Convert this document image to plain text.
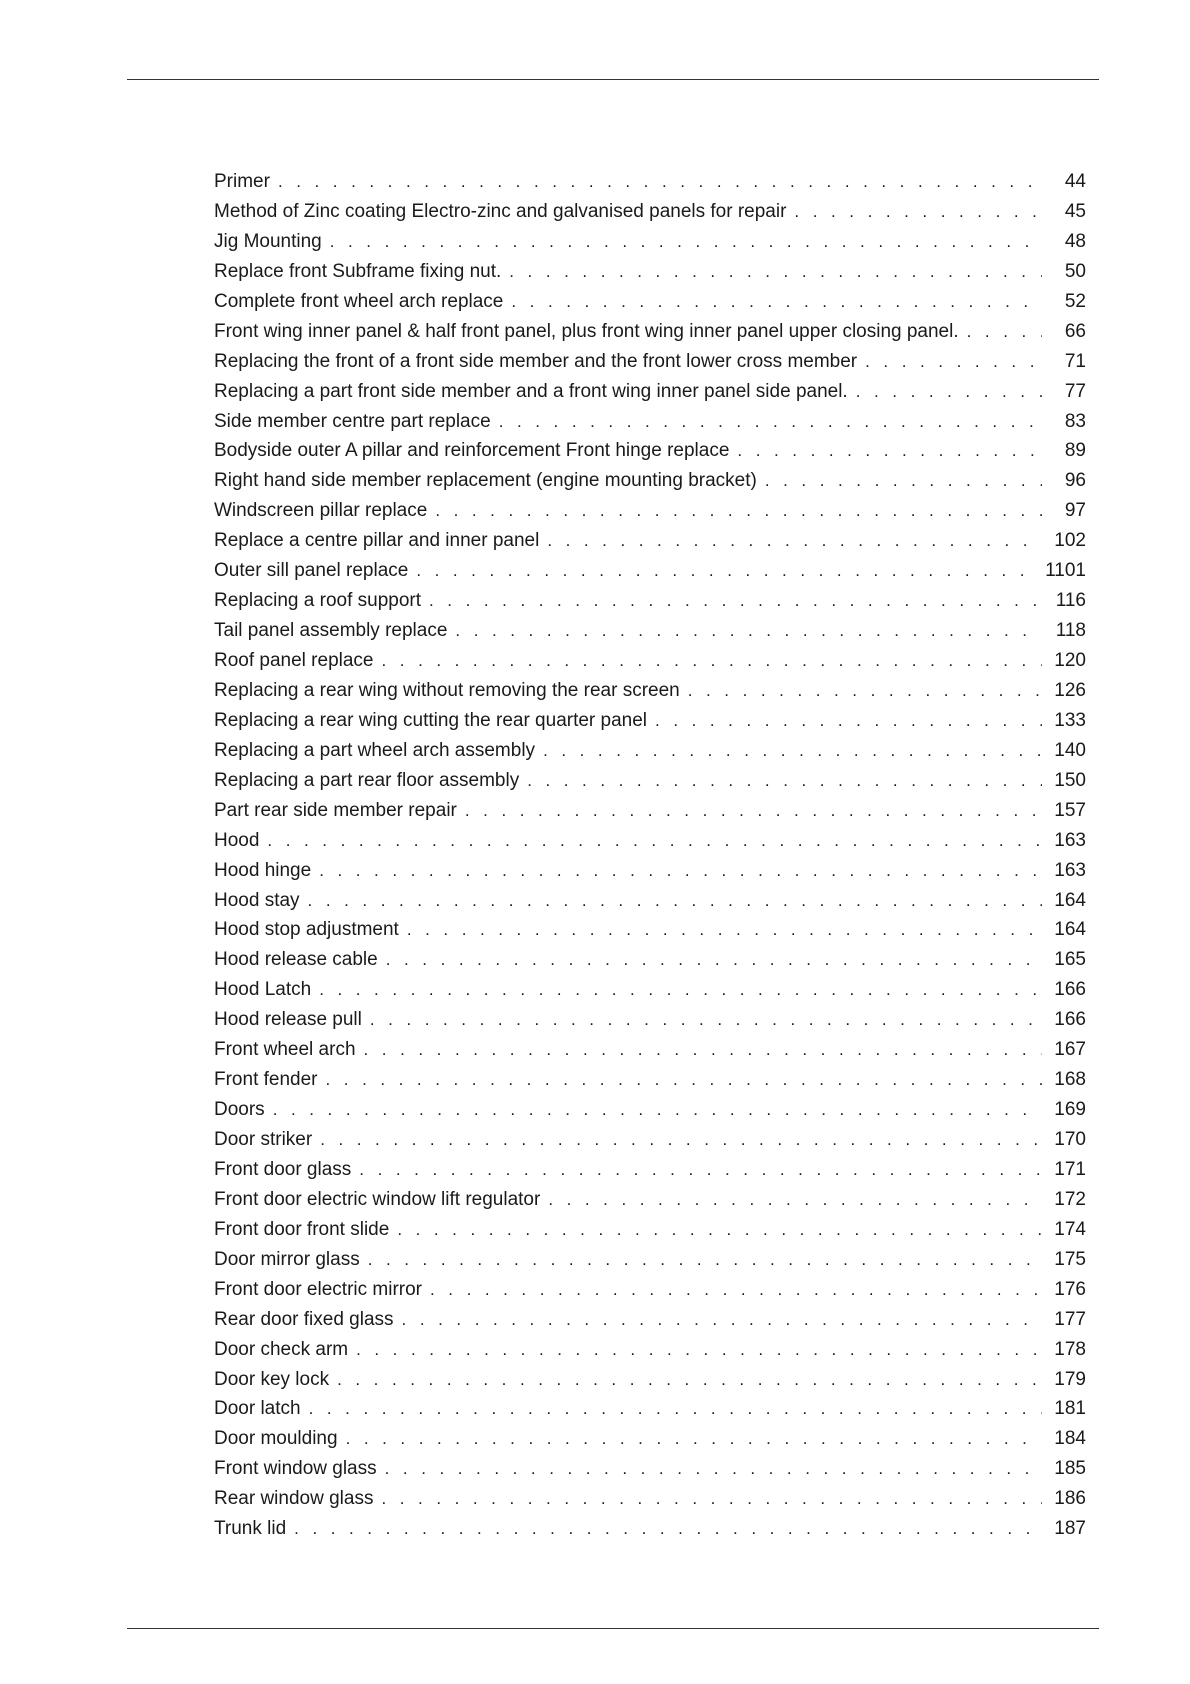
Primer . . .	44
Method of Zinc coating Electro-zinc and galvanised panels for repair . . .	45
Jig Mounting . . .	48
Replace front Subframe fixing nut. . . .	50
Complete front wheel arch replace . . .	52
Front wing inner panel & half front panel, plus front wing inner panel upper closing panel. . . .	66
Replacing the front of a front side member and the front lower cross member . . .	71
Replacing a part front side member and a front wing inner panel side panel. . . .	77
Side member centre part replace . . .	83
Bodyside outer A pillar and reinforcement Front hinge replace . . .	89
Right hand side member replacement (engine mounting bracket) . . .	96
Windscreen pillar replace . . .	97
Replace a centre pillar and inner panel . . .	102
Outer sill panel replace . . .	1101
Replacing a roof support . . .	116
Tail panel assembly replace . . .	118
Roof panel replace . . .	120
Replacing a rear wing without removing the rear screen . . .	126
Replacing a rear wing cutting the rear quarter panel . . .	133
Replacing a part wheel arch assembly . . .	140
Replacing a part rear floor assembly . . .	150
Part rear side member repair . . .	157
Hood . . .	163
Hood hinge . . .	163
Hood stay . . .	164
Hood stop adjustment . . .	164
Hood release cable . . .	165
Hood Latch . . .	166
Hood release pull . . .	166
Front wheel arch . . .	167
Front fender . . .	168
Doors . . .	169
Door striker . . .	170
Front door glass . . .	171
Front door electric window lift regulator . . .	172
Front door front slide . . .	174
Door mirror glass . . .	175
Front door electric mirror . . .	176
Rear door fixed glass . . .	177
Door check arm . . .	178
Door key lock . . .	179
Door latch . . .	181
Door moulding . . .	184
Front window glass . . .	185
Rear window glass . . .	186
Trunk lid . . .	187
